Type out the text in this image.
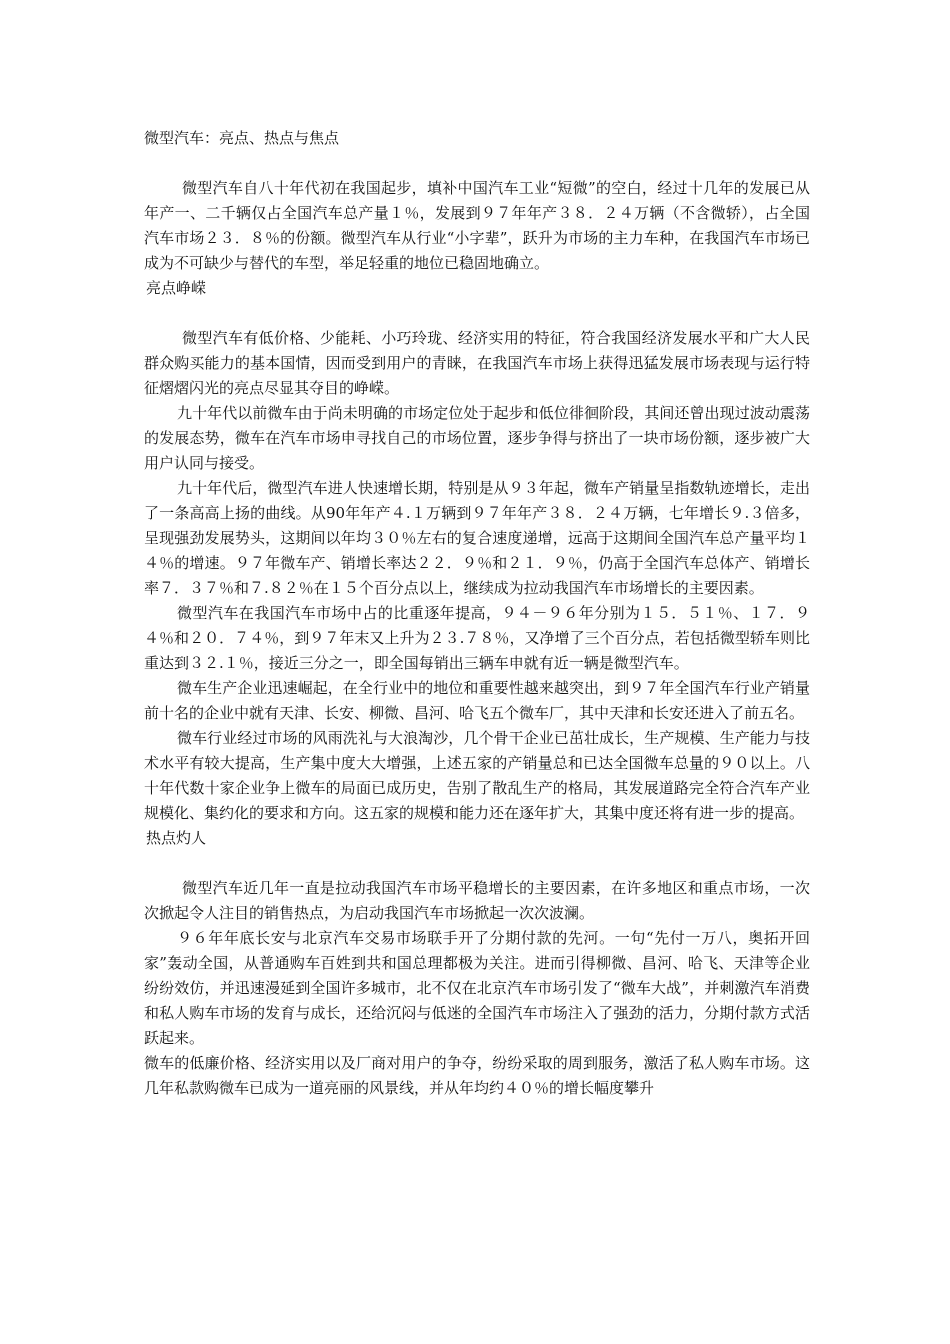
微型汽车：亮点、热点与焦点

微型汽车自八十年代初在我国起步，填补中国汽车工业“短微”的空白，经过十几年的发展已从年产一、二千辆仅占全国汽车总产量１％，发展到９７年年产３８．２４万辆（不含微轿），占全国汽车市场２３．８％的份额。微型汽车从行业“小字辈”，跃升为市场的主力车种，在我国汽车市场已成为不可缺少与替代的车型，举足轻重的地位已稳固地确立。

亮点峥嵘

微型汽车有低价格、少能耗、小巧玲珑、经济实用的特征，符合我国经济发展水平和广大人民群众购买能力的基本国情，因而受到用户的青睐，在我国汽车市场上获得迅猛发展市场表现与运行特征熠熠闪光的亮点尽显其夺目的峥嵘。

九十年代以前微车由于尚未明确的市场定位处于起步和低位徘徊阶段，其间还曾出现过波动震荡的发展态势，微车在汽车市场申寻找自己的市场位置，逐步争得与挤出了一块市场份额，逐步被广大用户认同与接受。

九十年代后，微型汽车进人快速增长期，特别是从９３年起，微车产销量呈指数轨迹增长，走出了一条高高上扬的曲线。从90年年产４.１万辆到９７年年产３８．２４万辆，七年增长９.３倍多，呈现强劲发展势头，这期间以年均３０％左右的复合速度递增，远高于这期间全国汽车总产量平均１４％的增速。９７年微车产、销增长率达２２．９％和２１．９％，仍高于全国汽车总体产、销增长率７．３７％和７.８２％在１５个百分点以上，继续成为拉动我国汽车市场增长的主要因素。

微型汽车在我国汽车市场中占的比重逐年提高，９４－９６年分别为１５．５１％、１７．９４％和２０．７４％，到９７年末又上升为２３.７８％，又净增了三个百分点，若包括微型轿车则比重达到３２.１％，接近三分之一，即全国每销出三辆车申就有近一辆是微型汽车。

微车生产企业迅速崛起，在全行业中的地位和重要性越来越突出，到９７年全国汽车行业产销量前十名的企业中就有天津、长安、柳微、昌河、哈飞五个微车厂，其中天津和长安还进入了前五名。

微车行业经过市场的风雨洗礼与大浪淘沙，几个骨干企业已茁壮成长，生产规模、生产能力与技术水平有较大提高，生产集中度大大增强，上述五家的产销量总和已达全国微车总量的９０以上。八十年代数十家企业争上微车的局面已成历史，告别了散乱生产的格局，其发展道路完全符合汽车产业规模化、集约化的要求和方向。这五家的规模和能力还在逐年扩大，其集中度还将有进一步的提高。

热点灼人

微型汽车近几年一直是拉动我国汽车市场平稳增长的主要因素，在许多地区和重点市场，一次次掀起令人注目的销售热点，为启动我国汽车市场掀起一次次波澜。

９６年年底长安与北京汽车交易市场联手开了分期付款的先河。一句“先付一万八，奥拓开回家”轰动全国，从普通购车百姓到共和国总理都极为关注。进而引得柳微、昌河、哈飞、天津等企业纷纷效仿，并迅速漫延到全国许多城市，北不仅在北京汽车市场引发了“微车大战”，并刺激汽车消费和私人购车市场的发育与成长，还给沉闷与低迷的全国汽车市场注入了强劲的活力，分期付款方式活跃起来。

微车的低廉价格、经济实用以及厂商对用户的争夺，纷纷采取的周到服务，激活了私人购车市场。这几年私款购微车已成为一道亮丽的风景线，并从年均约４０％的增长幅度攀升
